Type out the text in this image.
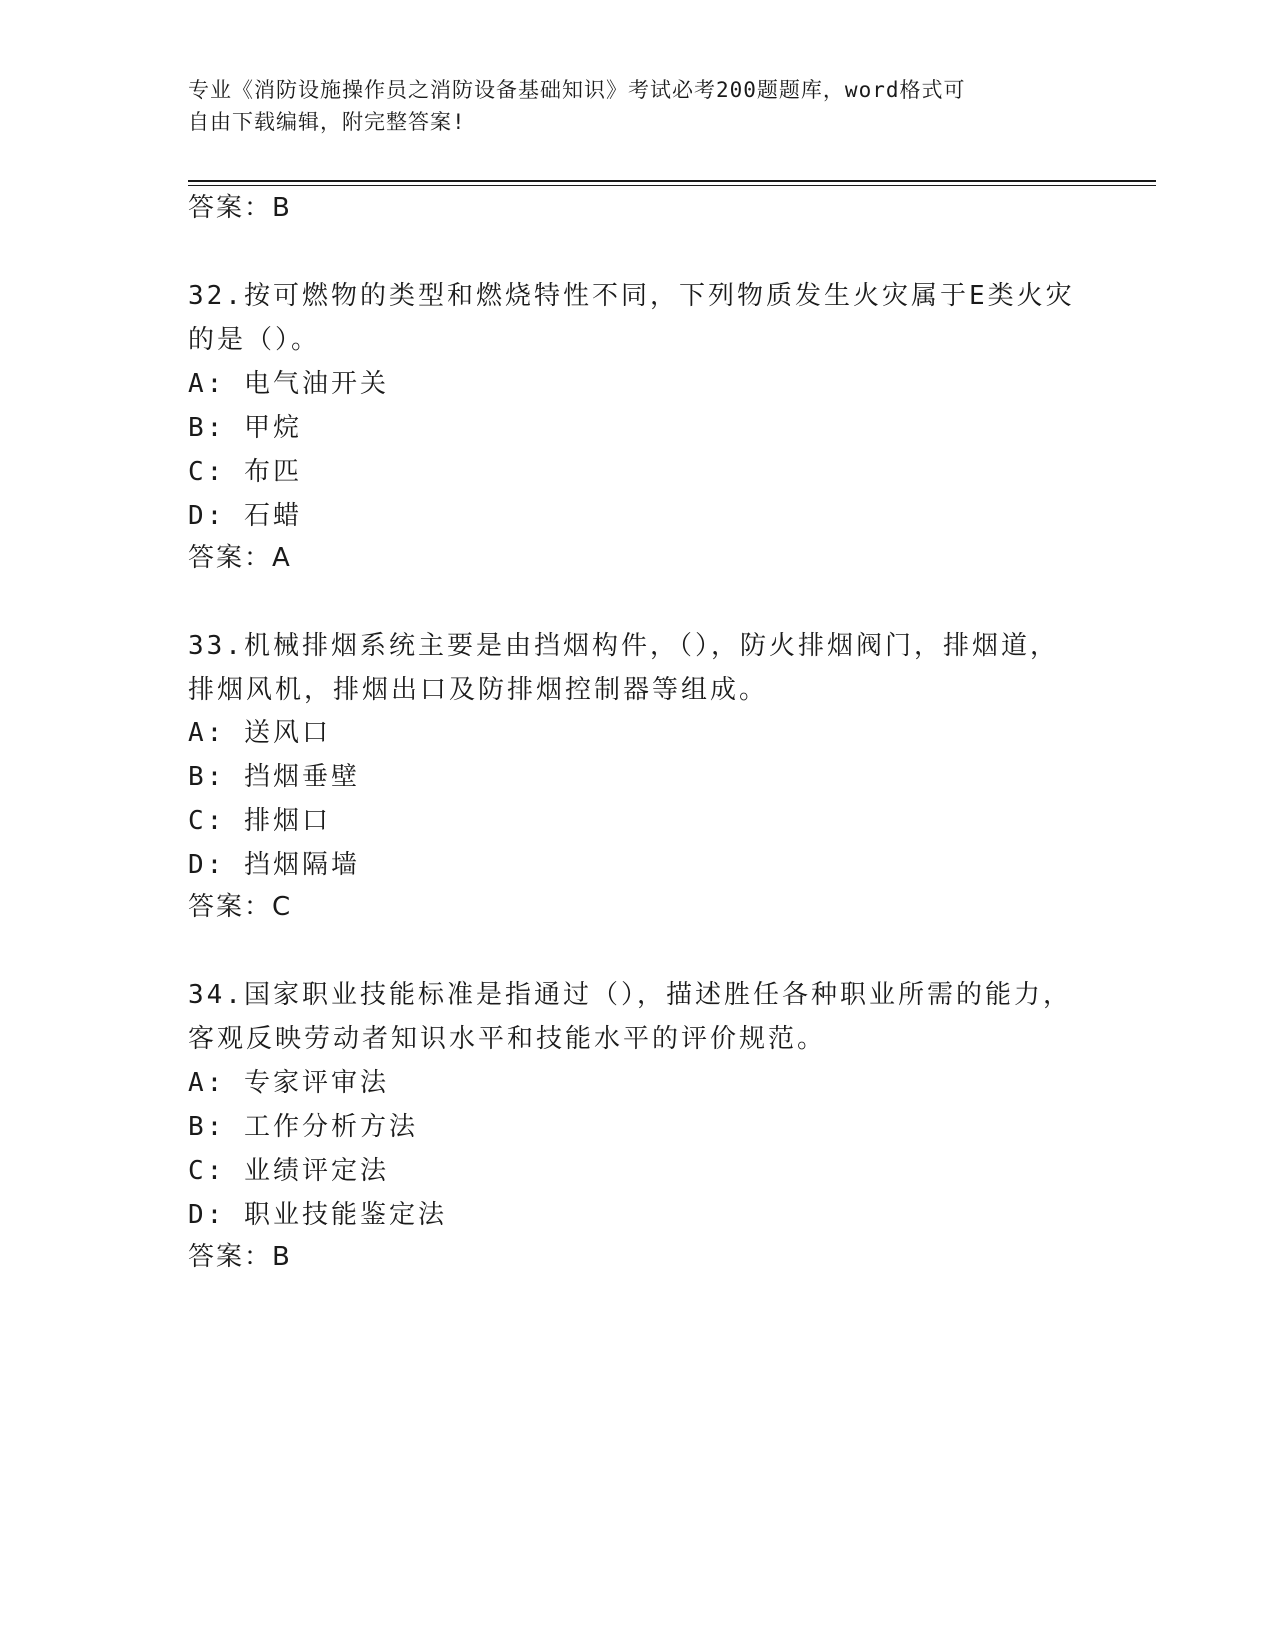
专业《消防设施操作员之消防设备基础知识》考试必考200题题库，word格式可
自由下载编辑，附完整答案!
答案：B
32.按可燃物的类型和燃烧特性不同，下列物质发生火灾属于E类火灾
的是（）。
A: 电气油开关
B: 甲烷
C: 布匹
D: 石蜡
答案：A
33.机械排烟系统主要是由挡烟构件，（），防火排烟阀门，排烟道，
排烟风机，排烟出口及防排烟控制器等组成。
A: 送风口
B: 挡烟垂壁
C: 排烟口
D: 挡烟隔墙
答案：C
34.国家职业技能标准是指通过（），描述胜任各种职业所需的能力，
客观反映劳动者知识水平和技能水平的评价规范。
A: 专家评审法
B: 工作分析方法
C: 业绩评定法
D: 职业技能鉴定法
答案：B
